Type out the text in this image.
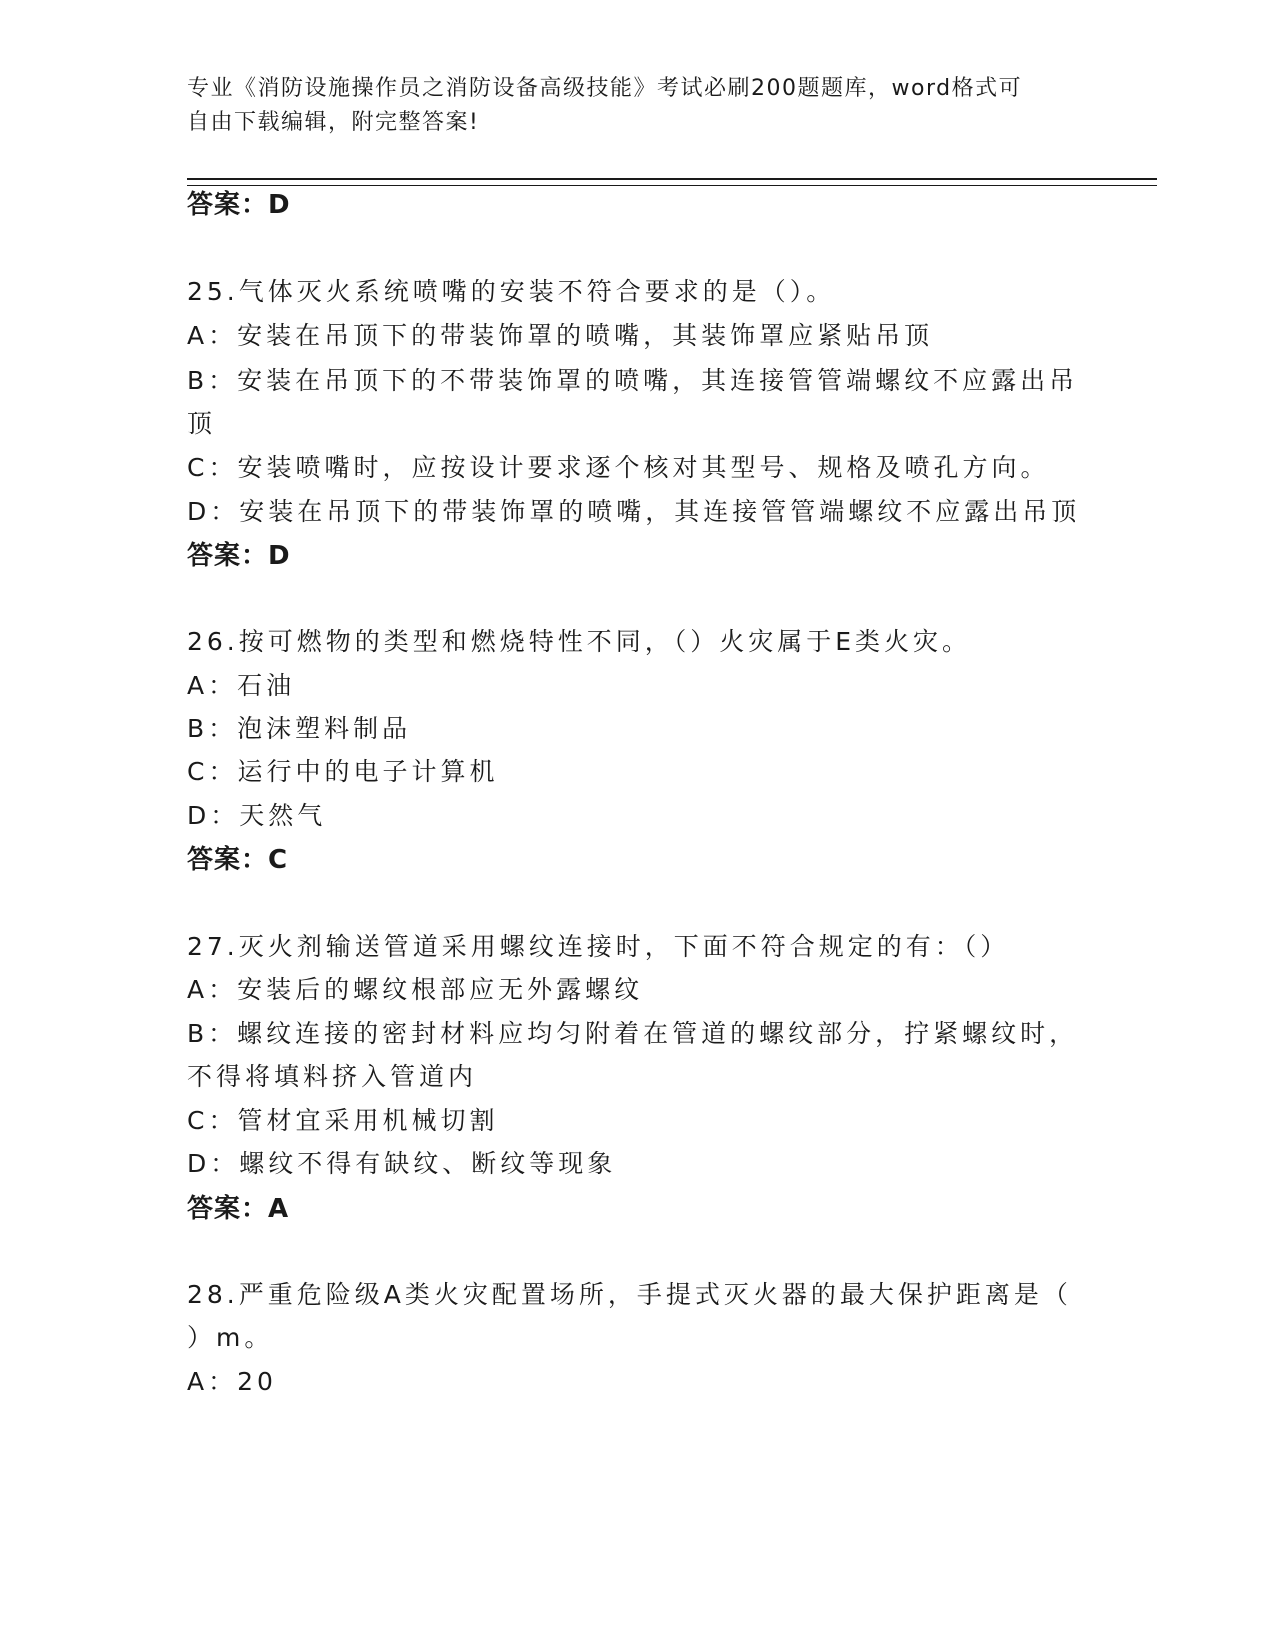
专业《消防设施操作员之消防设备高级技能》考试必刷200题题库，word格式可
自由下载编辑，附完整答案!
答案：D
25.气体灭火系统喷嘴的安装不符合要求的是（）。
A：安装在吊顶下的带装饰罩的喷嘴，其装饰罩应紧贴吊顶
B：安装在吊顶下的不带装饰罩的喷嘴，其连接管管端螺纹不应露出吊
顶
C：安装喷嘴时，应按设计要求逐个核对其型号、规格及喷孔方向。
D：安装在吊顶下的带装饰罩的喷嘴，其连接管管端螺纹不应露出吊顶
答案：D
26.按可燃物的类型和燃烧特性不同，（）火灾属于E类火灾。
A：石油
B：泡沫塑料制品
C：运行中的电子计算机
D：天然气
答案：C
27.灭火剂输送管道采用螺纹连接时，下面不符合规定的有：（）
A：安装后的螺纹根部应无外露螺纹
B：螺纹连接的密封材料应均匀附着在管道的螺纹部分，拧紧螺纹时，
不得将填料挤入管道内
C：管材宜采用机械切割
D：螺纹不得有缺纹、断纹等现象
答案：A
28.严重危险级A类火灾配置场所，手提式灭火器的最大保护距离是（
）m。
A：20
